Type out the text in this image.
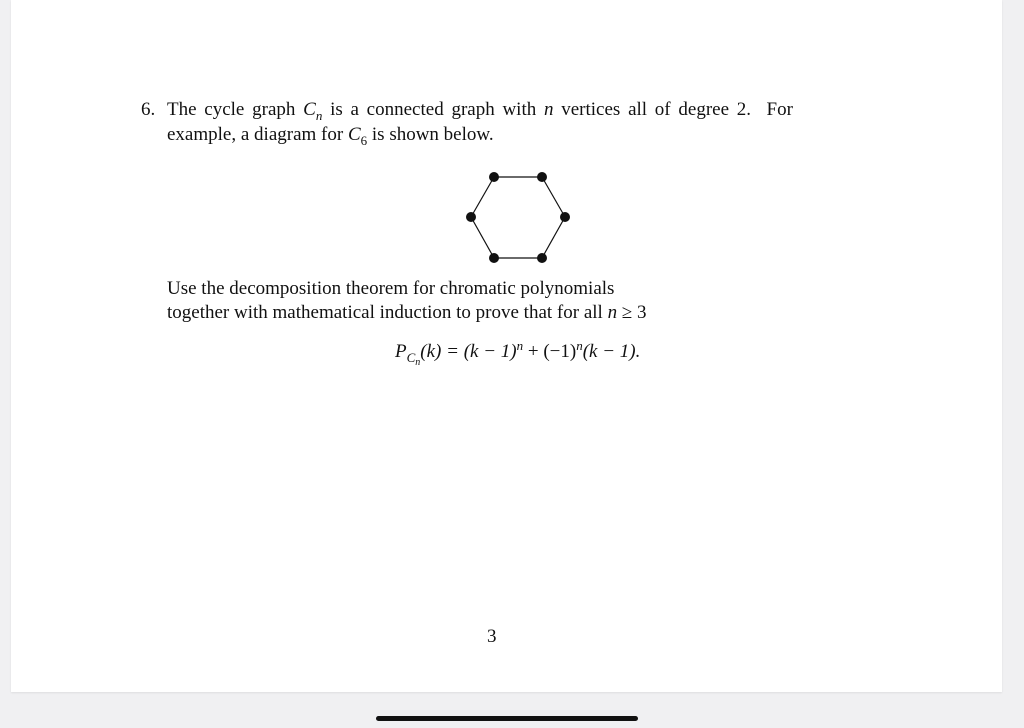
6. The cycle graph $C_n$ is a connected graph with n vertices all of degree 2. For
example, a diagram for $C_6$ is shown below.
Use the decomposition theorem for chromatic polynomials
together with mathematical induction to prove that for all n ≥ 3
$P_{Cn}(k) = (k - 1)^n + (-1)^n(k - 1)$.
3
